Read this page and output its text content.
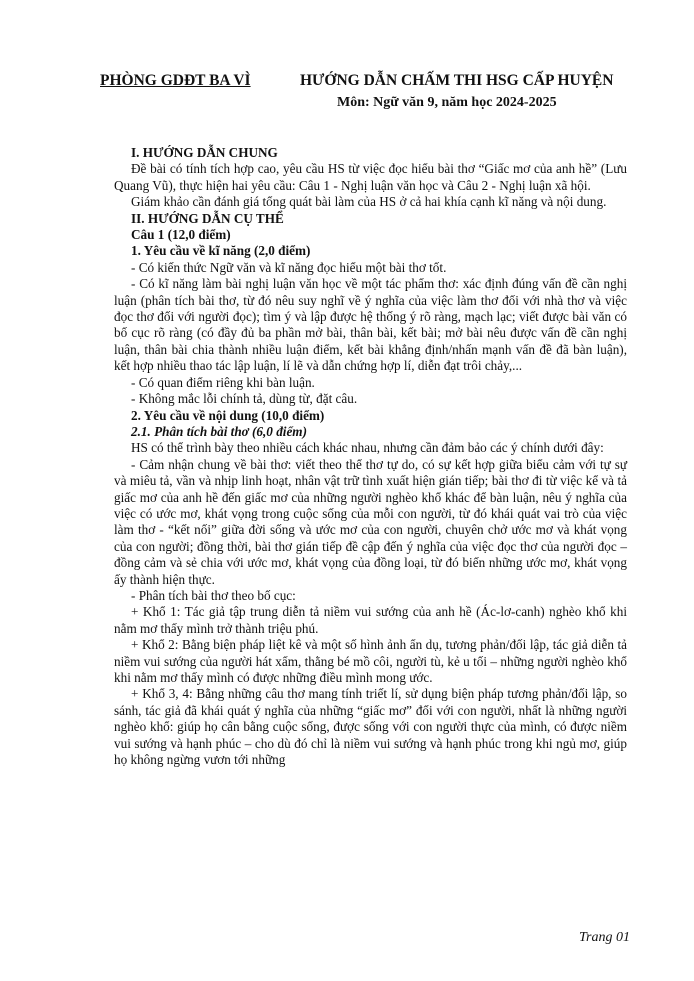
PHÒNG GDĐT BA VÌ	HƯỚNG DẪN CHẤM THI HSG CẤP HUYỆN
Môn: Ngữ văn 9, năm học 2024-2025

I. HƯỚNG DẪN CHUNG

Đề bài có tính tích hợp cao, yêu cầu HS từ việc đọc hiểu bài thơ “Giấc mơ của anh hề” (Lưu Quang Vũ), thực hiện hai yêu cầu: Câu 1 - Nghị luận văn học và Câu 2 - Nghị luận xã hội.

Giám khảo cần đánh giá tổng quát bài làm của HS ở cả hai khía cạnh kĩ năng và nội dung.

II. HƯỚNG DẪN CỤ THỂ

Câu 1 (12,0 điểm)

1. Yêu cầu về kĩ năng (2,0 điểm)

- Có kiến thức Ngữ văn và kĩ năng đọc hiểu một bài thơ tốt.

- Có kĩ năng làm bài nghị luận văn học về một tác phẩm thơ: xác định đúng vấn đề cần nghị luận (phân tích bài thơ, từ đó nêu suy nghĩ về ý nghĩa của việc làm thơ đối với nhà thơ và việc đọc thơ đối với người đọc); tìm ý và lập được hệ thống ý rõ ràng, mạch lạc; viết được bài văn có bố cục rõ ràng (có đầy đủ ba phần mở bài, thân bài, kết bài; mở bài nêu được vấn đề cần nghị luận, thân bài chia thành nhiều luận điểm, kết bài khẳng định/nhấn mạnh vấn đề đã bàn luận), kết hợp nhiều thao tác lập luận, lí lẽ và dẫn chứng hợp lí, diễn đạt trôi chảy,...

- Có quan điểm riêng khi bàn luận.

- Không mắc lỗi chính tả, dùng từ, đặt câu.

2. Yêu cầu về nội dung (10,0 điểm)

2.1. Phân tích bài thơ (6,0 điểm)

HS có thể trình bày theo nhiều cách khác nhau, nhưng cần đảm bảo các ý chính dưới đây:

- Cảm nhận chung về bài thơ: viết theo thể thơ tự do, có sự kết hợp giữa biểu cảm với tự sự và miêu tả, vần và nhịp linh hoạt, nhân vật trữ tình xuất hiện gián tiếp; bài thơ đi từ việc kể và tả giấc mơ của anh hề đến giấc mơ của những người nghèo khổ khác để bàn luận, nêu ý nghĩa của việc có ước mơ, khát vọng trong cuộc sống của mỗi con người, từ đó khái quát vai trò của việc làm thơ - “kết nối” giữa đời sống và ước mơ của con người, chuyên chở ước mơ và khát vọng của con người; đồng thời, bài thơ gián tiếp đề cập đến ý nghĩa của việc đọc thơ của người đọc – đồng cảm và sẻ chia với ước mơ, khát vọng của đồng loại, từ đó biến những ước mơ, khát vọng ấy thành hiện thực.

- Phân tích bài thơ theo bố cục:

+ Khổ 1: Tác giả tập trung diễn tả niềm vui sướng của anh hề (Ác-lơ-canh) nghèo khổ khi nằm mơ thấy mình trở thành triệu phú.

+ Khổ 2: Bằng biện pháp liệt kê và một số hình ảnh ẩn dụ, tương phản/đối lập, tác giả diễn tả niềm vui sướng của người hát xẩm, thằng bé mồ côi, người tù, kẻ u tối – những người nghèo khổ khi nằm mơ thấy mình có được những điều mình mong ước.

+ Khổ 3, 4: Bằng những câu thơ mang tính triết lí, sử dụng biện pháp tương phản/đối lập, so sánh, tác giả đã khái quát ý nghĩa của những “giấc mơ” đối với con người, nhất là những người nghèo khổ: giúp họ cân bằng cuộc sống, được sống với con người thực của mình, có được niềm vui sướng và hạnh phúc – cho dù đó chỉ là niềm vui sướng và hạnh phúc trong khi ngủ mơ, giúp họ không ngừng vươn tới những

Trang 01
